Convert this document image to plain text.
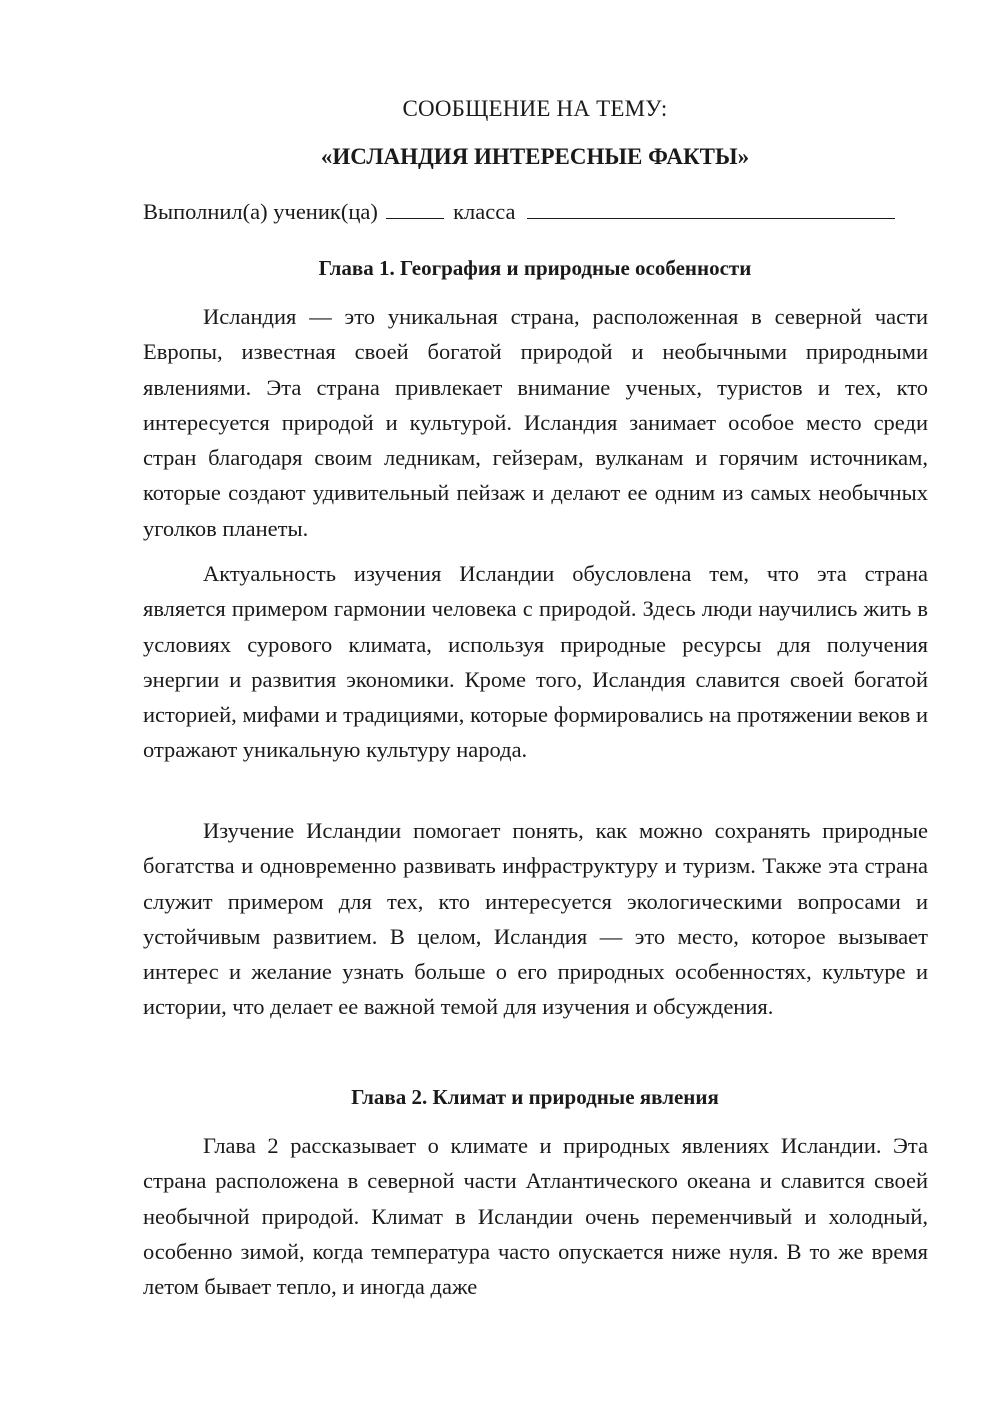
СООБЩЕНИЕ НА ТЕМУ:

«ИСЛАНДИЯ ИНТЕРЕСНЫЕ ФАКТЫ»

Выполнил(а) ученик(ца)	класса
Глава 1. География и природные особенности

Исландия — это уникальная страна, расположенная в северной части Европы, известная своей богатой природой и необычными природными явлениями. Эта страна привлекает внимание ученых, туристов и тех, кто интересуется природой и культурой. Исландия занимает особое место среди стран благодаря своим ледникам, гейзерам, вулканам и горячим источникам, которые создают удивительный пейзаж и делают ее одним из самых необычных уголков планеты.

Актуальность изучения Исландии обусловлена тем, что эта страна является примером гармонии человека с природой. Здесь люди научились жить в условиях сурового климата, используя природные ресурсы для получения энергии и развития экономики. Кроме того, Исландия славится своей богатой историей, мифами и традициями, которые формировались на протяжении веков и отражают уникальную культуру народа.

Изучение Исландии помогает понять, как можно сохранять природные богатства и одновременно развивать инфраструктуру и туризм. Также эта страна служит примером для тех, кто интересуется экологическими вопросами и устойчивым развитием. В целом, Исландия — это место, которое вызывает интерес и желание узнать больше о его природных особенностях, культуре и истории, что делает ее важной темой для изучения и обсуждения.

Глава 2. Климат и природные явления

Глава 2 рассказывает о климате и природных явлениях Исландии. Эта страна расположена в северной части Атлантического океана и славится своей необычной природой. Климат в Исландии очень переменчивый и холодный, особенно зимой, когда температура часто опускается ниже нуля. В то же время летом бывает тепло, и иногда даже
